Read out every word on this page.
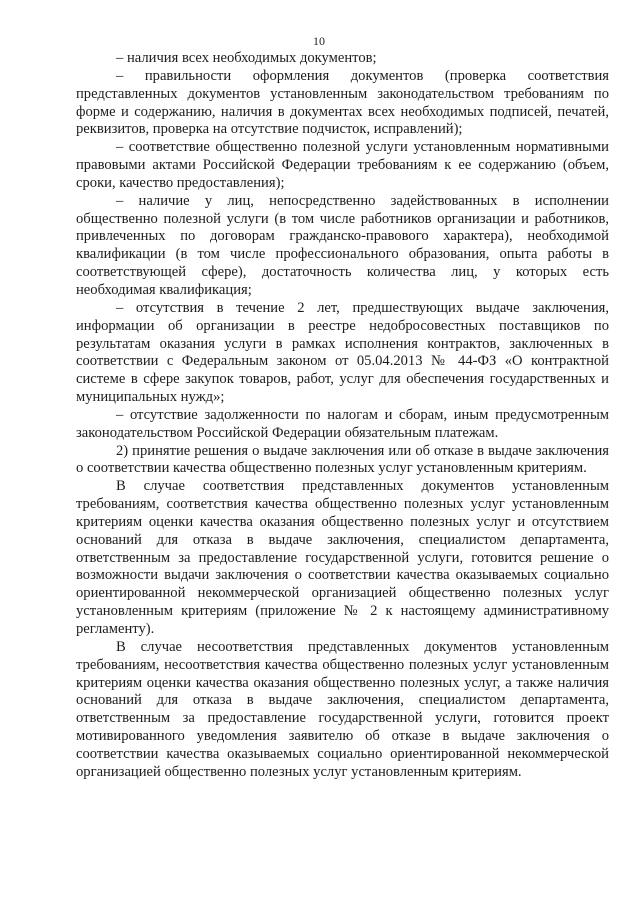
10

– наличия всех необходимых документов;

– правильности оформления документов (проверка соответствия представленных документов установленным законодательством требованиям по форме и содержанию, наличия в документах всех необходимых подписей, печатей, реквизитов, проверка на отсутствие подчисток, исправлений);

– соответствие общественно полезной услуги установленным нормативными правовыми актами Российской Федерации требованиям к ее содержанию (объем, сроки, качество предоставления);

– наличие у лиц, непосредственно задействованных в исполнении общественно полезной услуги (в том числе работников организации и работников, привлеченных по договорам гражданско-правового характера), необходимой квалификации (в том числе профессионального образования, опыта работы в соответствующей сфере), достаточность количества лиц, у которых есть необходимая квалификация;

– отсутствия в течение 2 лет, предшествующих выдаче заключения, информации об организации в реестре недобросовестных поставщиков по результатам оказания услуги в рамках исполнения контрактов, заключенных в соответствии с Федеральным законом от 05.04.2013 № 44-ФЗ «О контрактной системе в сфере закупок товаров, работ, услуг для обеспечения государственных и муниципальных нужд»;

– отсутствие задолженности по налогам и сборам, иным предусмотренным законодательством Российской Федерации обязательным платежам.

2) принятие решения о выдаче заключения или об отказе в выдаче заключения о соответствии качества общественно полезных услуг установленным критериям.

В случае соответствия представленных документов установленным требованиям, соответствия качества общественно полезных услуг установленным критериям оценки качества оказания общественно полезных услуг и отсутствием оснований для отказа в выдаче заключения, специалистом департамента, ответственным за предоставление государственной услуги, готовится решение о возможности выдачи заключения о соответствии качества оказываемых социально ориентированной некоммерческой организацией общественно полезных услуг установленным критериям (приложение № 2 к настоящему административному регламенту).

В случае несоответствия представленных документов установленным требованиям, несоответствия качества общественно полезных услуг установленным критериям оценки качества оказания общественно полезных услуг, а также наличия оснований для отказа в выдаче заключения, специалистом департамента, ответственным за предоставление государственной услуги, готовится проект мотивированного уведомления заявителю об отказе в выдаче заключения о соответствии качества оказываемых социально ориентированной некоммерческой организацией общественно полезных услуг установленным критериям.
